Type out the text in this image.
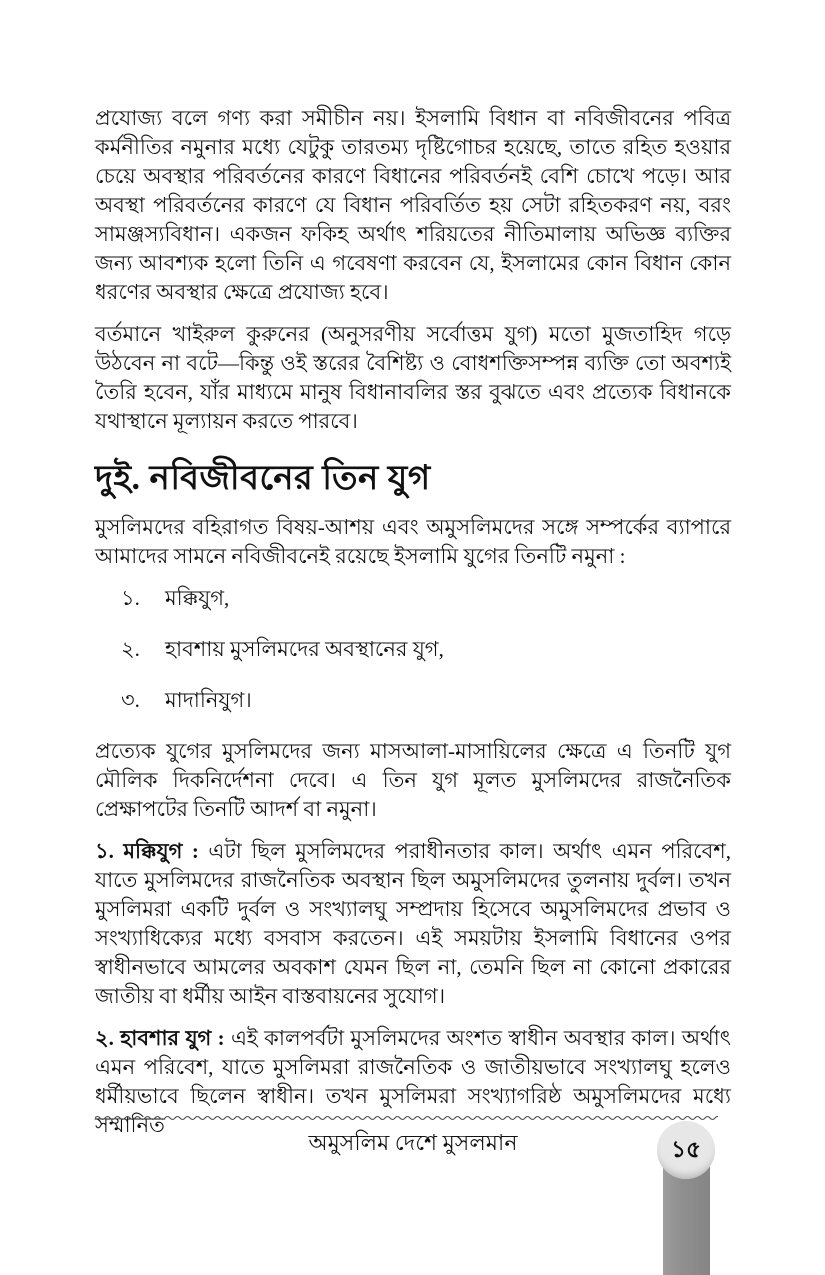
প্রযোজ্য বলে গণ্য করা সমীচীন নয়। ইসলামি বিধান বা নবিজীবনের পবিত্র কর্মনীতির নমুনার মধ্যে যেটুকু তারতম্য দৃষ্টিগোচর হয়েছে, তাতে রহিত হওয়ার চেয়ে অবস্থার পরিবর্তনের কারণে বিধানের পরিবর্তনই বেশি চোখে পড়ে। আর অবস্থা পরিবর্তনের কারণে যে বিধান পরিবর্তিত হয় সেটা রহিতকরণ নয়, বরং সামঞ্জস্যবিধান। একজন ফকিহ অর্থাৎ শরিয়তের নীতিমালায় অভিজ্ঞ ব্যক্তির জন্য আবশ্যক হলো তিনি এ গবেষণা করবেন যে, ইসলামের কোন বিধান কোন ধরণের অবস্থার ক্ষেত্রে প্রযোজ্য হবে।

বর্তমানে খাইরুল কুরুনের (অনুসরণীয় সর্বোত্তম যুগ) মতো মুজতাহিদ গড়ে উঠবেন না বটে—কিন্তু ওই স্তরের বৈশিষ্ট্য ও বোধশক্তিসম্পন্ন ব্যক্তি তো অবশ্যই তৈরি হবেন, যাঁর মাধ্যমে মানুষ বিধানাবলির স্তর বুঝতে এবং প্রত্যেক বিধানকে যথাস্থানে মূল্যায়ন করতে পারবে।

দুই. নবিজীবনের তিন যুগ

মুসলিমদের বহিরাগত বিষয়-আশয় এবং অমুসলিমদের সঙ্গে সম্পর্কের ব্যাপারে আমাদের সামনে নবিজীবনেই রয়েছে ইসলামি যুগের তিনটি নমুনা :

১.	মক্কিযুগ,
২.	হাবশায় মুসলিমদের অবস্থানের যুগ,
৩.	মাদানিযুগ।

প্রত্যেক যুগের মুসলিমদের জন্য মাসআলা-মাসায়িলের ক্ষেত্রে এ তিনটি যুগ মৌলিক দিকনির্দেশনা দেবে। এ তিন যুগ মূলত মুসলিমদের রাজনৈতিক প্রেক্ষাপটের তিনটি আদর্শ বা নমুনা।

১. মক্কিযুগ : এটা ছিল মুসলিমদের পরাধীনতার কাল। অর্থাৎ এমন পরিবেশ, যাতে মুসলিমদের রাজনৈতিক অবস্থান ছিল অমুসলিমদের তুলনায় দুর্বল। তখন মুসলিমরা একটি দুর্বল ও সংখ্যালঘু সম্প্রদায় হিসেবে অমুসলিমদের প্রভাব ও সংখ্যাধিক্যের মধ্যে বসবাস করতেন। এই সময়টায় ইসলামি বিধানের ওপর স্বাধীনভাবে আমলের অবকাশ যেমন ছিল না, তেমনি ছিল না কোনো প্রকারের জাতীয় বা ধর্মীয় আইন বাস্তবায়নের সুযোগ।

২. হাবশার যুগ : এই কালপর্বটা মুসলিমদের অংশত স্বাধীন অবস্থার কাল। অর্থাৎ এমন পরিবেশ, যাতে মুসলিমরা রাজনৈতিক ও জাতীয়ভাবে সংখ্যালঘু হলেও ধর্মীয়ভাবে ছিলেন স্বাধীন। তখন মুসলিমরা সংখ্যাগরিষ্ঠ অমুসলিমদের মধ্যে সম্মানিত

অমুসলিম দেশে মুসলমান	১৫
